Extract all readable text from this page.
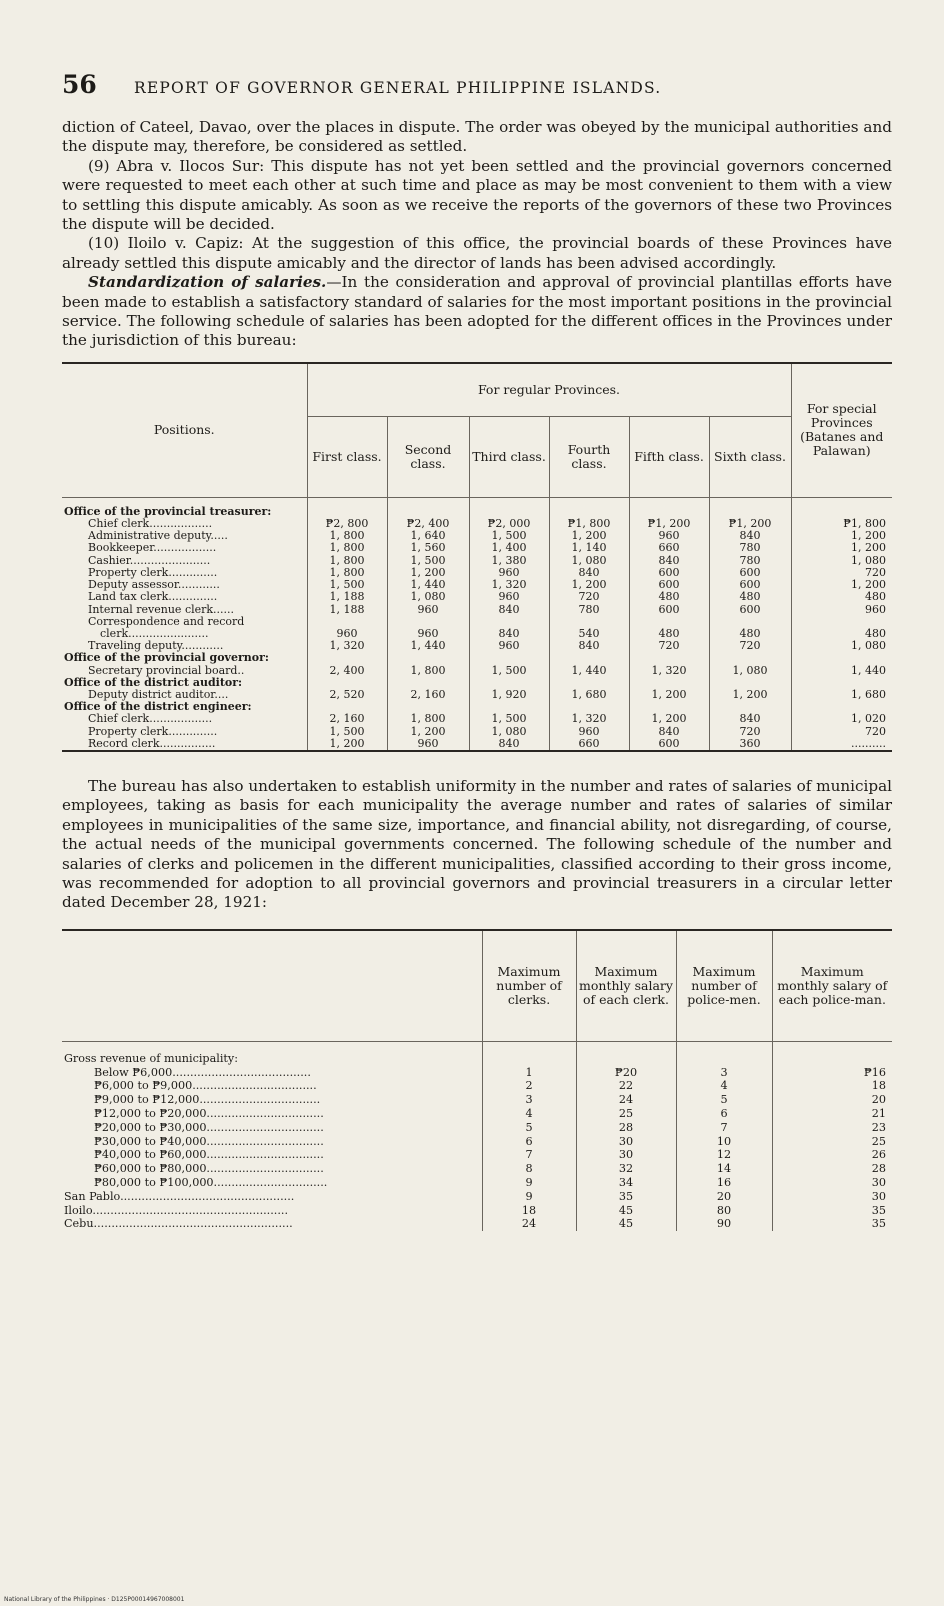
56	REPORT OF GOVERNOR GENERAL PHILIPPINE ISLANDS.

diction of Cateel, Davao, over the places in dispute. The order was obeyed by the municipal authorities and the dispute may, therefore, be considered as settled.

(9) Abra v. Ilocos Sur: This dispute has not yet been settled and the provincial governors concerned were requested to meet each other at such time and place as may be most convenient to them with a view to settling this dispute amicably. As soon as we receive the reports of the governors of these two Provinces the dispute will be decided.

(10) Iloilo v. Capiz: At the suggestion of this office, the provincial boards of these Provinces have already settled this dispute amicably and the director of lands has been advised accordingly.

Standardization of salaries.—In the consideration and approval of provincial plantillas efforts have been made to establish a satisfactory standard of salaries for the most important positions in the provincial service. The following schedule of salaries has been adopted for the different offices in the Provinces under the jurisdiction of this bureau:

Positions.	For regular Provinces.						For special Provinces (Batanes and Palawan)
	First class.	Second class.	Third class.	Fourth class.	Fifth class.	Sixth class.	
Office of the provincial treasurer:							
Chief clerk..................	₱2, 800	₱2, 400	₱2, 000	₱1, 800	₱1, 200	₱1, 200	₱1, 800
Administrative deputy.....	1, 800	1, 640	1, 500	1, 200	960	840	1, 200
Bookkeeper..................	1, 800	1, 560	1, 400	1, 140	660	780	1, 200
Cashier.......................	1, 800	1, 500	1, 380	1, 080	840	780	1, 080
Property clerk..............	1, 800	1, 200	960	840	600	600	720
Deputy assessor............	1, 500	1, 440	1, 320	1, 200	600	600	1, 200
Land tax clerk..............	1, 188	1, 080	960	720	480	480	480
Internal revenue clerk......	1, 188	960	840	780	600	600	960
Correspondence and record							
clerk.......................	960	960	840	540	480	480	480
Traveling deputy............	1, 320	1, 440	960	840	720	720	1, 080
Office of the provincial governor:							
Secretary provincial board..	2, 400	1, 800	1, 500	1, 440	1, 320	1, 080	1, 440
Office of the district auditor:							
Deputy district auditor....	2, 520	2, 160	1, 920	1, 680	1, 200	1, 200	1, 680
Office of the district engineer:							
Chief clerk..................	2, 160	1, 800	1, 500	1, 320	1, 200	840	1, 020
Property clerk..............	1, 500	1, 200	1, 080	960	840	720	720
Record clerk................	1, 200	960	840	660	600	360	..........

The bureau has also undertaken to establish uniformity in the number and rates of salaries of municipal employees, taking as basis for each municipality the average number and rates of salaries of similar employees in municipalities of the same size, importance, and financial ability, not disregarding, of course, the actual needs of the municipal governments concerned. The following schedule of the number and salaries of clerks and policemen in the different municipalities, classified according to their gross income, was recommended for adoption to all provincial governors and provincial treasurers in a circular letter dated December 28, 1921:

	Maximum number of clerks.	Maximum monthly salary of each clerk.	Maximum number of police-men.	Maximum monthly salary of each police-man.
Gross revenue of municipality:				
Below ₱6,000.......................................	1	₱20	3	₱16
₱6,000 to ₱9,000...................................	2	22	4	18
₱9,000 to ₱12,000..................................	3	24	5	20
₱12,000 to ₱20,000.................................	4	25	6	21
₱20,000 to ₱30,000.................................	5	28	7	23
₱30,000 to ₱40,000.................................	6	30	10	25
₱40,000 to ₱60,000.................................	7	30	12	26
₱60,000 to ₱80,000.................................	8	32	14	28
₱80,000 to ₱100,000................................	9	34	16	30
San Pablo.................................................	9	35	20	30
Iloilo.......................................................	18	45	80	35
Cebu........................................................	24	45	90	35
National Library of the Philippines · D125P00014967008001
